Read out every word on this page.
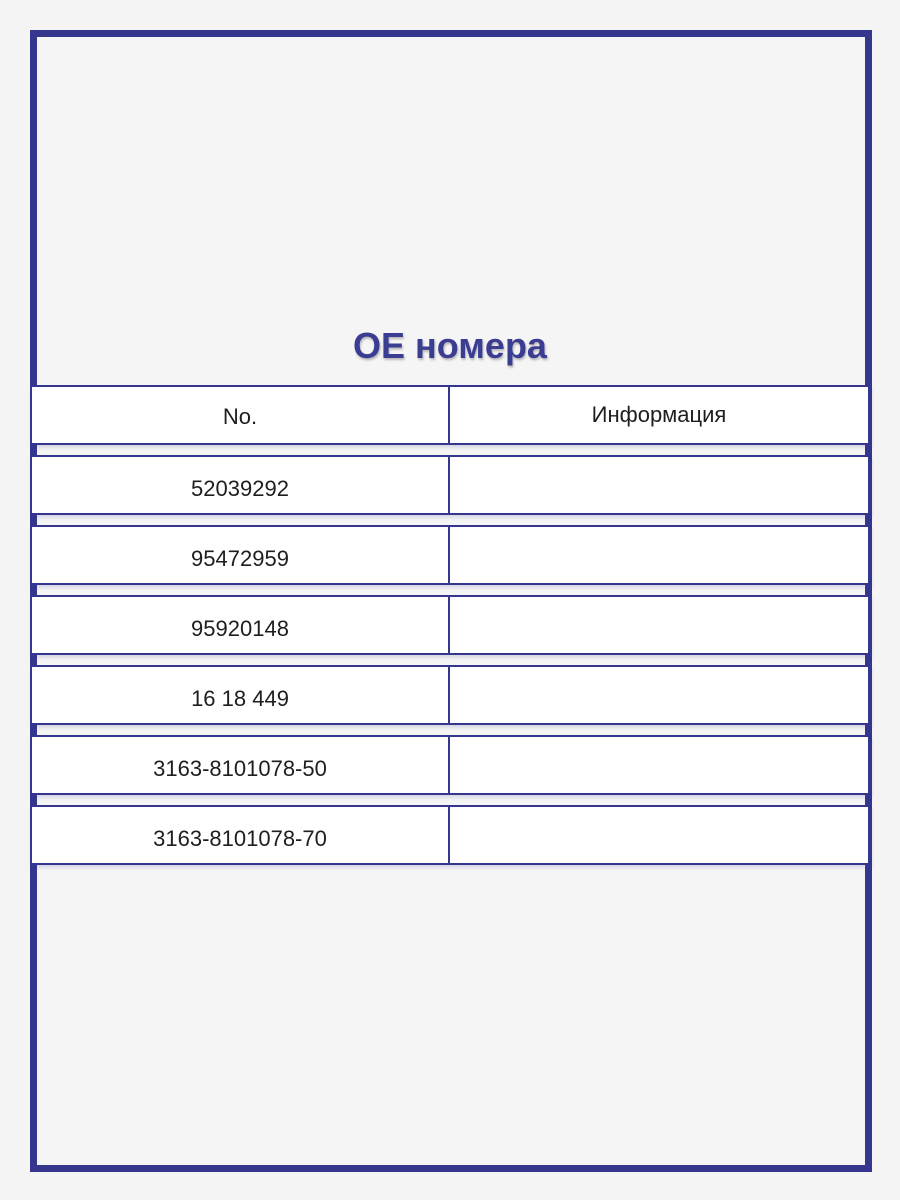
OE номера
No.	Информация
52039292
95472959
95920148
16 18 449
3163-8101078-50
3163-8101078-70
